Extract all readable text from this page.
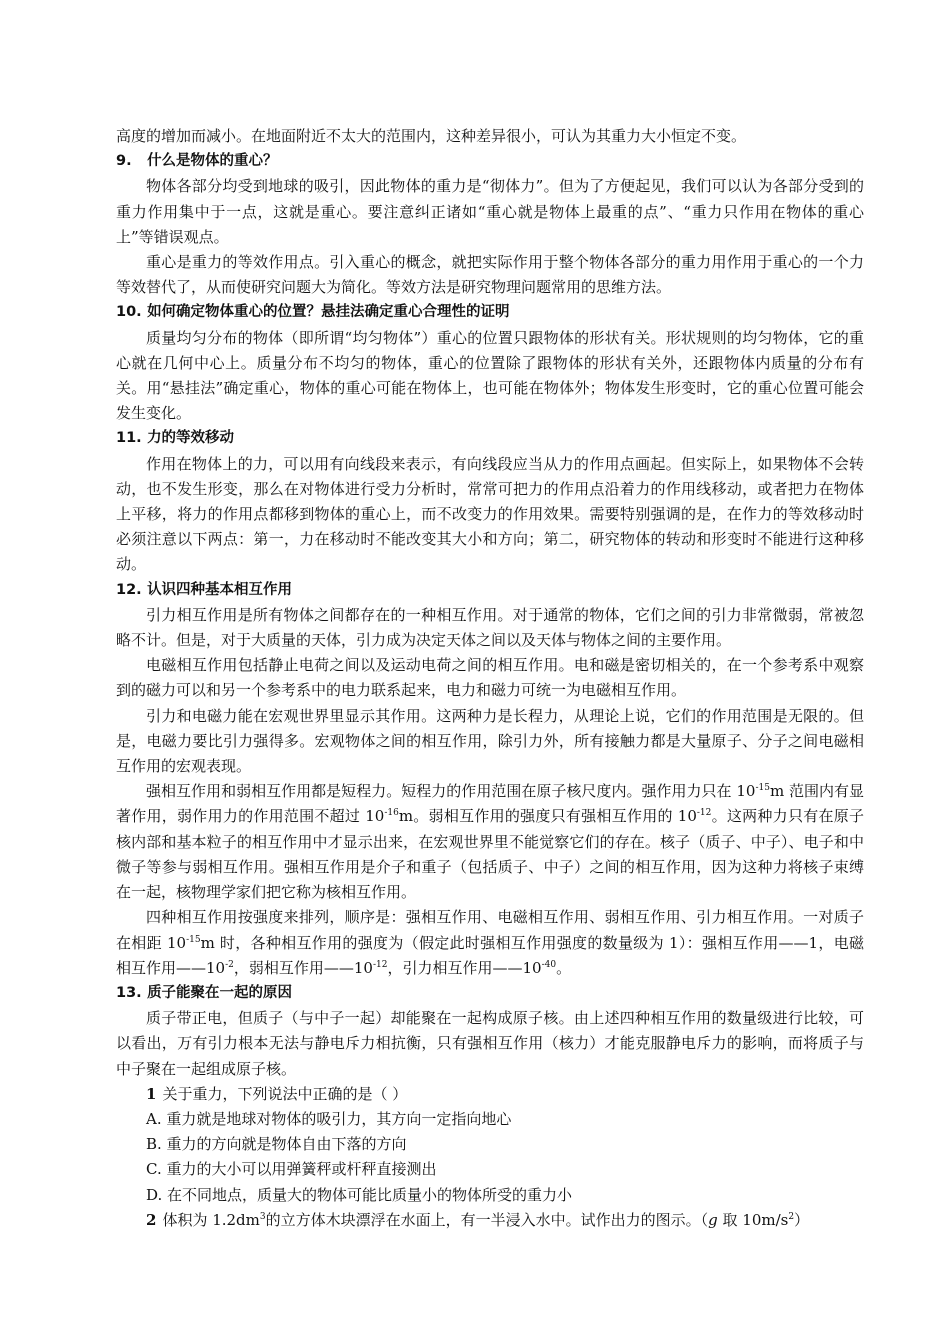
高度的增加而减小。在地面附近不太大的范围内，这种差异很小，可认为其重力大小恒定不变。

9. 什么是物体的重心？

物体各部分均受到地球的吸引，因此物体的重力是“彻体力”。但为了方便起见，我们可以认为各部分受到的重力作用集中于一点，这就是重心。要注意纠正诸如“重心就是物体上最重的点”、“重力只作用在物体的重心上”等错误观点。

重心是重力的等效作用点。引入重心的概念，就把实际作用于整个物体各部分的重力用作用于重心的一个力等效替代了，从而使研究问题大为简化。等效方法是研究物理问题常用的思维方法。

10. 如何确定物体重心的位置？悬挂法确定重心合理性的证明

质量均匀分布的物体（即所谓“均匀物体”）重心的位置只跟物体的形状有关。形状规则的均匀物体，它的重心就在几何中心上。质量分布不均匀的物体，重心的位置除了跟物体的形状有关外，还跟物体内质量的分布有关。用“悬挂法”确定重心，物体的重心可能在物体上，也可能在物体外；物体发生形变时，它的重心位置可能会发生变化。

11. 力的等效移动

作用在物体上的力，可以用有向线段来表示，有向线段应当从力的作用点画起。但实际上，如果物体不会转动，也不发生形变，那么在对物体进行受力分析时，常常可把力的作用点沿着力的作用线移动，或者把力在物体上平移，将力的作用点都移到物体的重心上，而不改变力的作用效果。需要特别强调的是，在作力的等效移动时必须注意以下两点：第一，力在移动时不能改变其大小和方向；第二，研究物体的转动和形变时不能进行这种移动。

12. 认识四种基本相互作用

引力相互作用是所有物体之间都存在的一种相互作用。对于通常的物体，它们之间的引力非常微弱，常被忽略不计。但是，对于大质量的天体，引力成为决定天体之间以及天体与物体之间的主要作用。

电磁相互作用包括静止电荷之间以及运动电荷之间的相互作用。电和磁是密切相关的，在一个参考系中观察到的磁力可以和另一个参考系中的电力联系起来，电力和磁力可统一为电磁相互作用。

引力和电磁力能在宏观世界里显示其作用。这两种力是长程力，从理论上说，它们的作用范围是无限的。但是，电磁力要比引力强得多。宏观物体之间的相互作用，除引力外，所有接触力都是大量原子、分子之间电磁相互作用的宏观表现。

强相互作用和弱相互作用都是短程力。短程力的作用范围在原子核尺度内。强作用力只在 $10^{-15}m$ 范围内有显著作用，弱作用力的作用范围不超过 $10^{-16}m$。弱相互作用的强度只有强相互作用的 $10^{-12}$。这两种力只有在原子核内部和基本粒子的相互作用中才显示出来，在宏观世界里不能觉察它们的存在。核子（质子、中子）、电子和中微子等参与弱相互作用。强相互作用是介子和重子（包括质子、中子）之间的相互作用，因为这种力将核子束缚在一起，核物理学家们把它称为核相互作用。

四种相互作用按强度来排列，顺序是：强相互作用、电磁相互作用、弱相互作用、引力相互作用。一对质子在相距 $10^{-15}m$ 时，各种相互作用的强度为（假定此时强相互作用强度的数量级为 1）：强相互作用——1，电磁相互作用$——10^{-2}$，弱相互作用$——10^{-12}$，引力相互作用$——10^{-40}$。

13. 质子能聚在一起的原因

质子带正电，但质子（与中子一起）却能聚在一起构成原子核。由上述四种相互作用的数量级进行比较，可以看出，万有引力根本无法与静电斥力相抗衡，只有强相互作用（核力）才能克服静电斥力的影响，而将质子与中子聚在一起组成原子核。

1 关于重力，下列说法中正确的是（ ）

A. 重力就是地球对物体的吸引力，其方向一定指向地心

B. 重力的方向就是物体自由下落的方向

C. 重力的大小可以用弹簧秤或杆秤直接测出

D. 在不同地点，质量大的物体可能比质量小的物体所受的重力小

2 体积为 $1.2dm^3$的立方体木块漂浮在水面上，有一半浸入水中。试作出力的图示。（g 取 $10m/s^2$）
